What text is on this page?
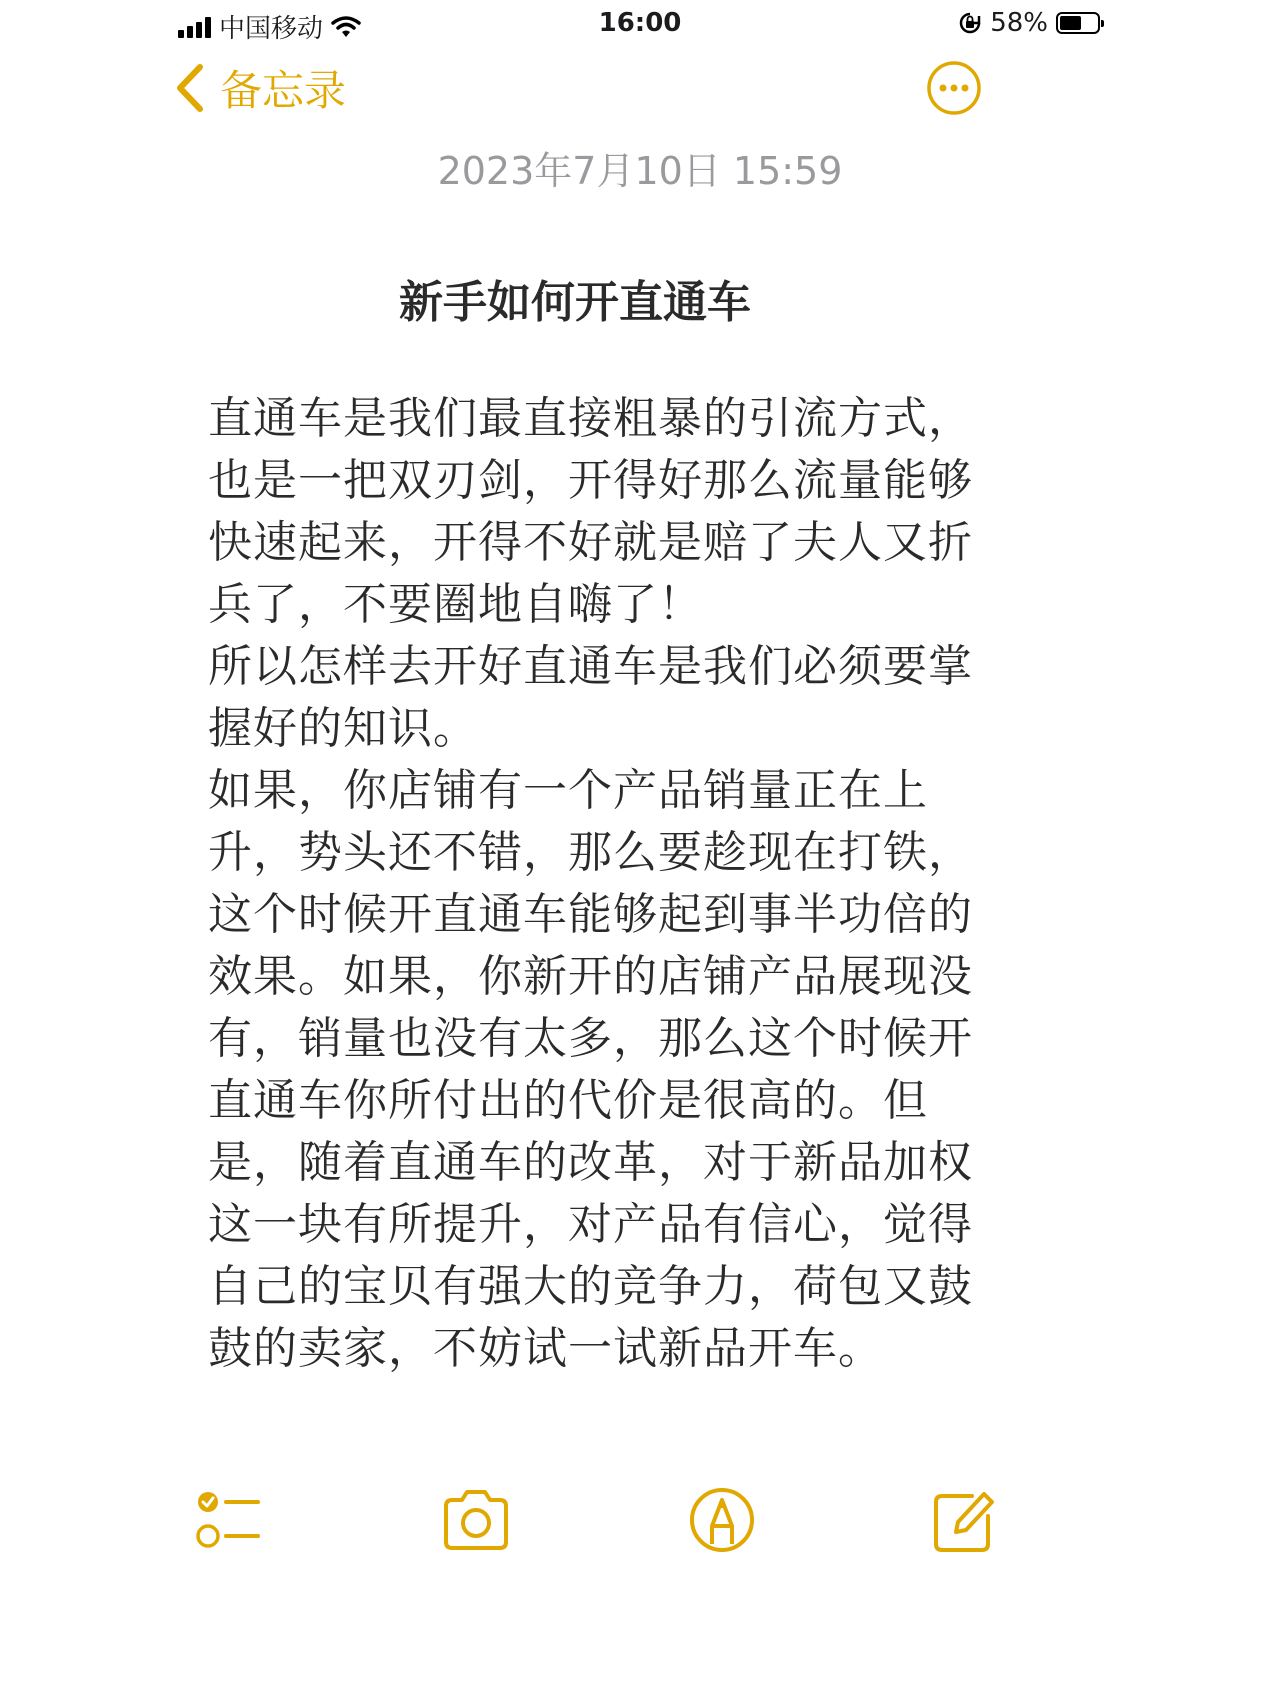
中国移动	16:00	58%
备忘录
2023年7月10日 15:59
新手如何开直通车

直通车是我们最直接粗暴的引流方式，也是一把双刃剑，开得好那么流量能够快速起来，开得不好就是赔了夫人又折兵了，不要圈地自嗨了！

所以怎样去开好直通车是我们必须要掌握好的知识。

如果，你店铺有一个产品销量正在上升，势头还不错，那么要趁现在打铁，这个时候开直通车能够起到事半功倍的效果。如果，你新开的店铺产品展现没有，销量也没有太多，那么这个时候开直通车你所付出的代价是很高的。但是，随着直通车的改革，对于新品加权这一块有所提升，对产品有信心，觉得自己的宝贝有强大的竞争力，荷包又鼓鼓的卖家，不妨试一试新品开车。
